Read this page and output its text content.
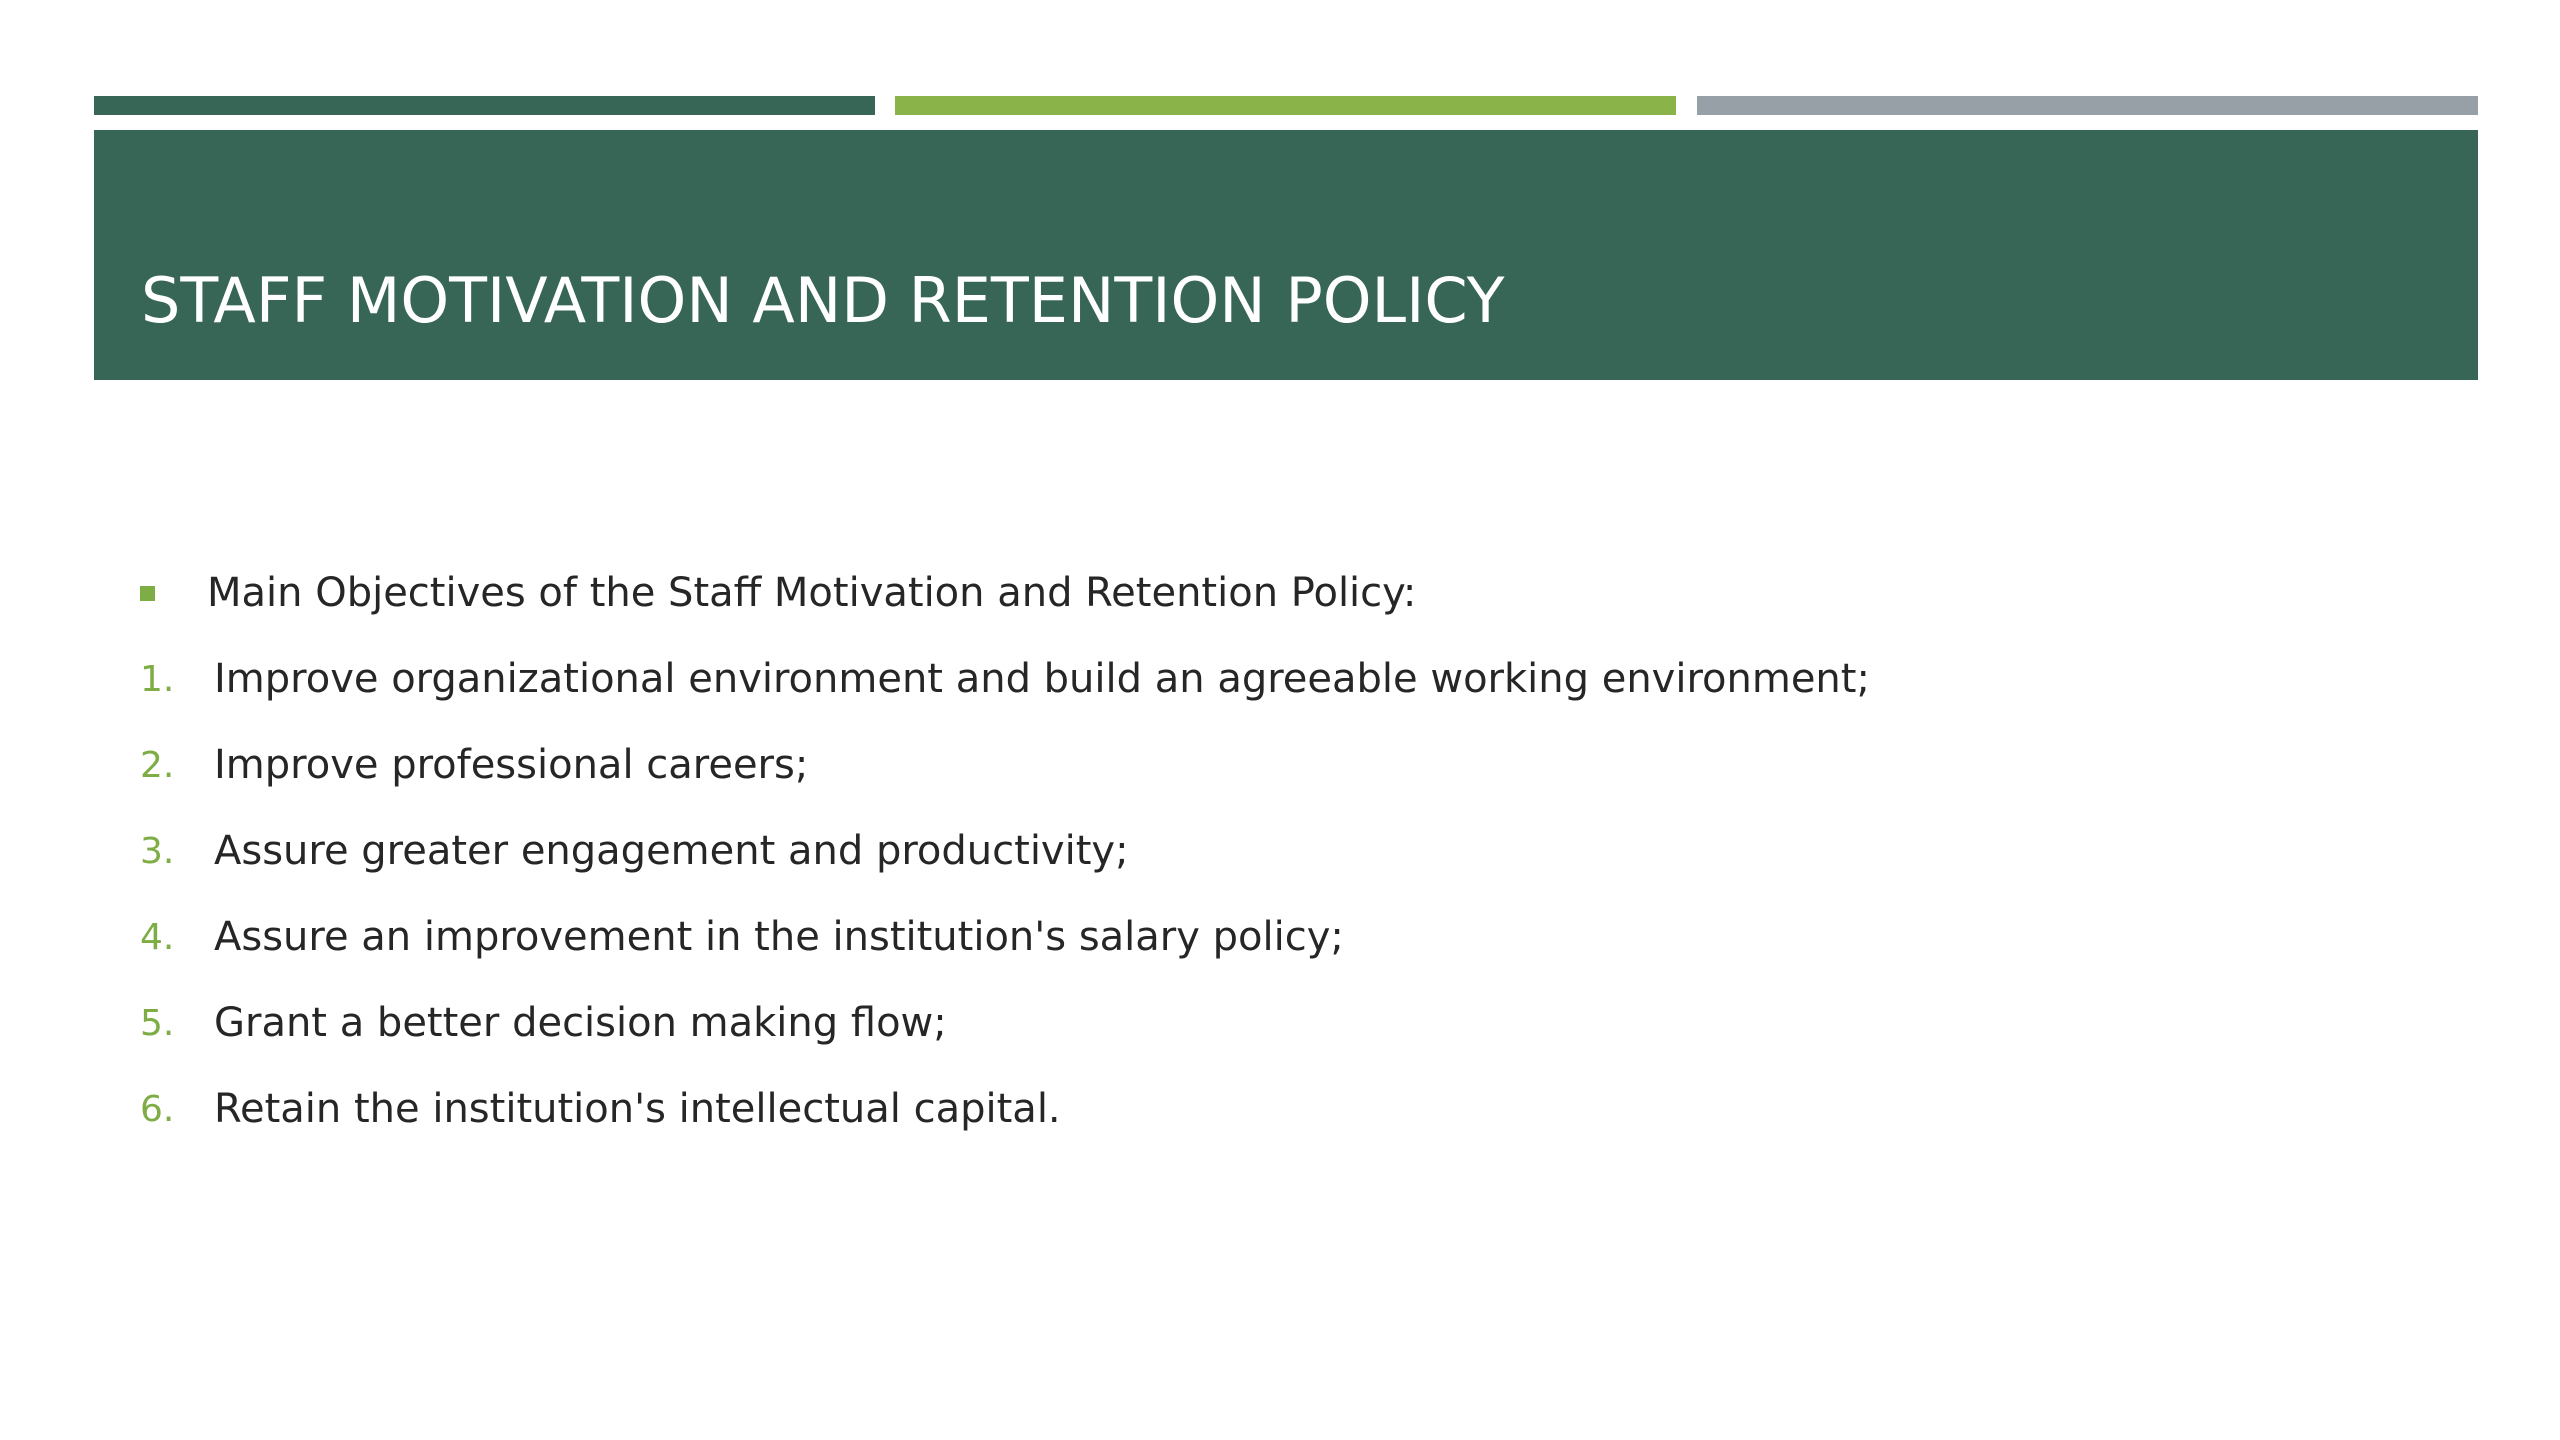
STAFF MOTIVATION AND RETENTION POLICY
Main Objectives of the Staff Motivation and Retention Policy:
1. Improve organizational environment and build an agreeable working environment;
2. Improve professional careers;
3. Assure greater engagement and productivity;
4. Assure an improvement in the institution's salary policy;
5. Grant a better decision making flow;
6. Retain the institution's intellectual capital.
